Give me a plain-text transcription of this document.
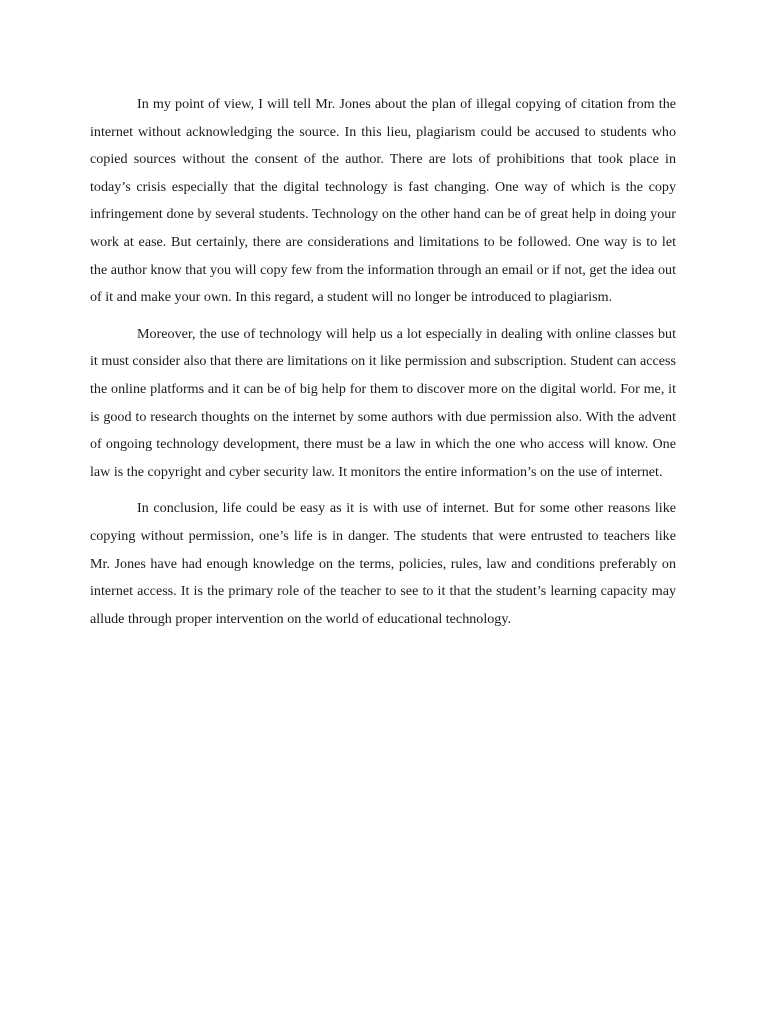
In my point of view, I will tell Mr. Jones about the plan of illegal copying of citation from the internet without acknowledging the source. In this lieu, plagiarism could be accused to students who copied sources without the consent of the author. There are lots of prohibitions that took place in today’s crisis especially that the digital technology is fast changing. One way of which is the copy infringement done by several students. Technology on the other hand can be of great help in doing your work at ease. But certainly, there are considerations and limitations to be followed. One way is to let the author know that you will copy few from the information through an email or if not, get the idea out of it and make your own. In this regard, a student will no longer be introduced to plagiarism.

Moreover, the use of technology will help us a lot especially in dealing with online classes but it must consider also that there are limitations on it like permission and subscription. Student can access the online platforms and it can be of big help for them to discover more on the digital world. For me, it is good to research thoughts on the internet by some authors with due permission also. With the advent of ongoing technology development, there must be a law in which the one who access will know. One law is the copyright and cyber security law. It monitors the entire information’s on the use of internet.

In conclusion, life could be easy as it is with use of internet. But for some other reasons like copying without permission, one’s life is in danger. The students that were entrusted to teachers like Mr. Jones have had enough knowledge on the terms, policies, rules, law and conditions preferably on internet access. It is the primary role of the teacher to see to it that the student’s learning capacity may allude through proper intervention on the world of educational technology.
